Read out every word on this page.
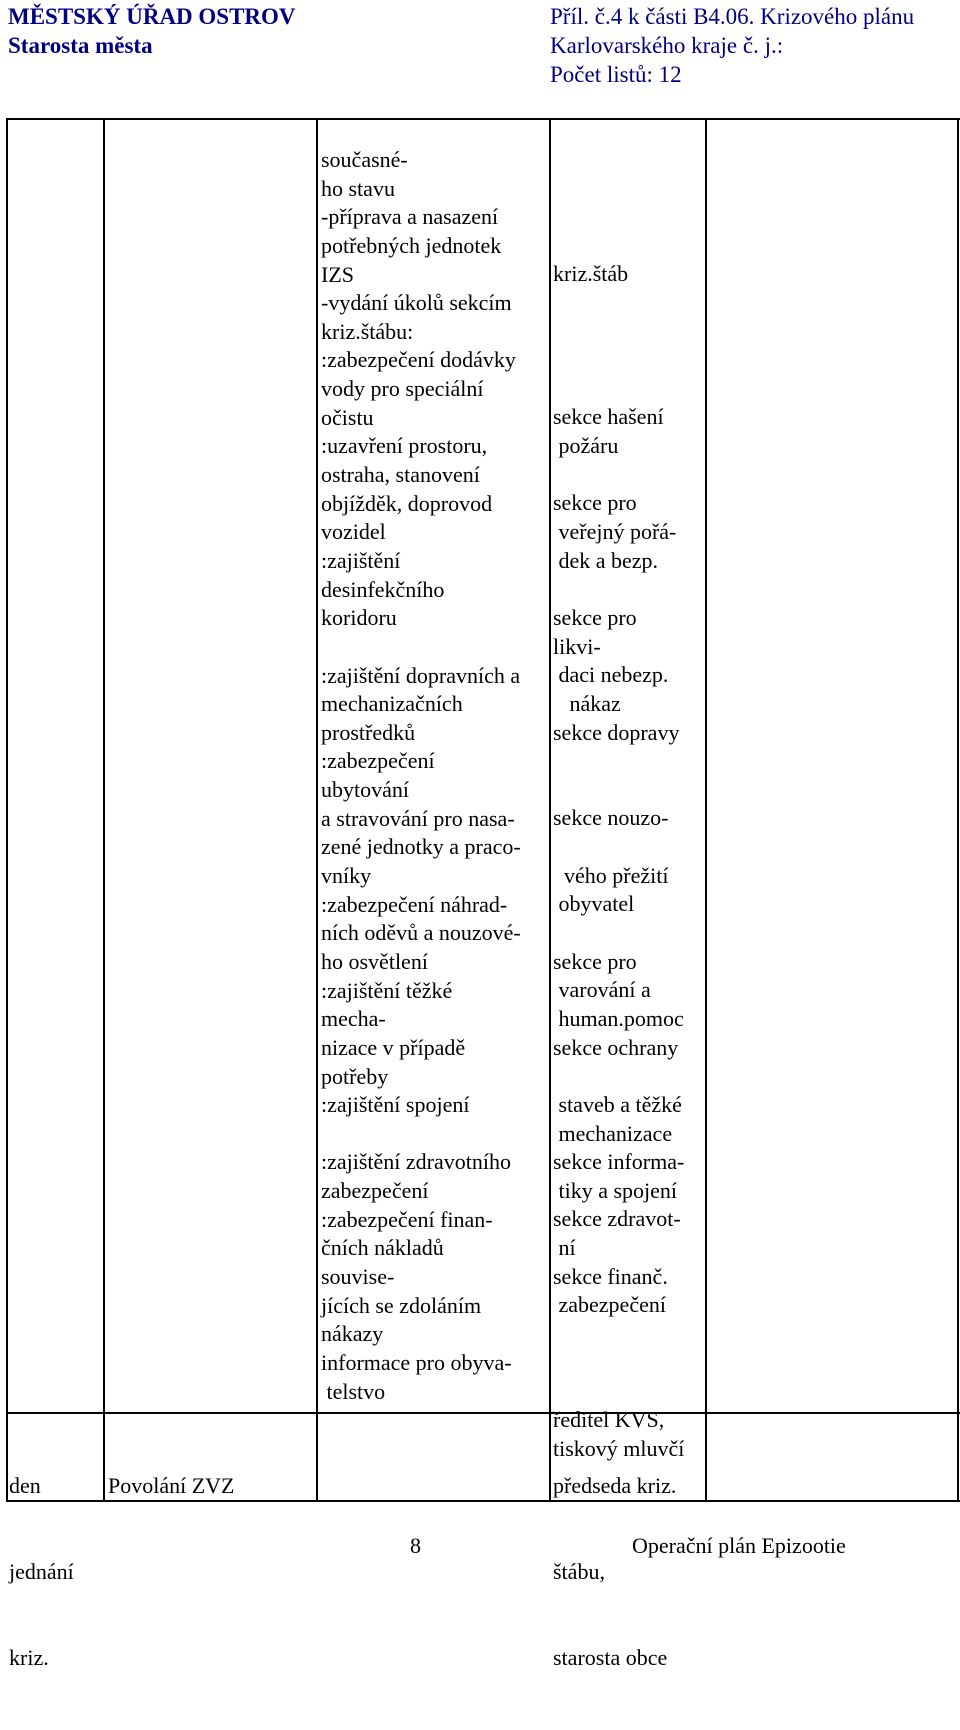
MĚSTSKÝ ÚŘAD OSTROV
Starosta města
Příl. č.4 k části B4.06. Krizového plánu
Karlovarského kraje č. j.:
Počet listů: 12
současné-
ho stavu
-příprava a nasazení
potřebných jednotek
IZS
-vydání úkolů sekcím
kriz.štábu:
:zabezpečení dodávky
vody pro speciální
očistu
:uzavření prostoru,
ostraha, stanovení
objížděk, doprovod
vozidel
:zajištění
desinfekčního
koridoru
:zajištění dopravních a
mechanizačních
prostředků
:zabezpečení
ubytování
a stravování pro nasa-
zené jednotky a praco-
vníky
:zabezpečení náhrad-
ních oděvů a nouzové-
ho osvětlení
:zajištění těžké
mecha-
nizace v případě
potřeby
:zajištění spojení
:zajištění zdravotního
zabezpečení
:zabezpečení finan-
čních nákladů
souvise-
jících se zdoláním
nákazy
informace pro obyva-
telstvo
kriz.štáb
sekce hašení
požáru
sekce pro
veřejný pořá-
dek a bezp.
sekce pro
likvi-
daci nebezp.
nákaz
sekce dopravy
sekce nouzo-
vého přežití
obyvatel
sekce pro
varování a
human.pomoc
sekce ochrany
staveb a těžké
mechanizace
sekce informa-
tiky a spojení
sekce zdravot-
ní
sekce finanč.
zabezpečení
ředitel KVS,
tiskový mluvčí

den

jednání

kriz.

Povolání ZVZ

	předseda kriz.

štábu,

starosta obce

8	Operační plán Epizootie
